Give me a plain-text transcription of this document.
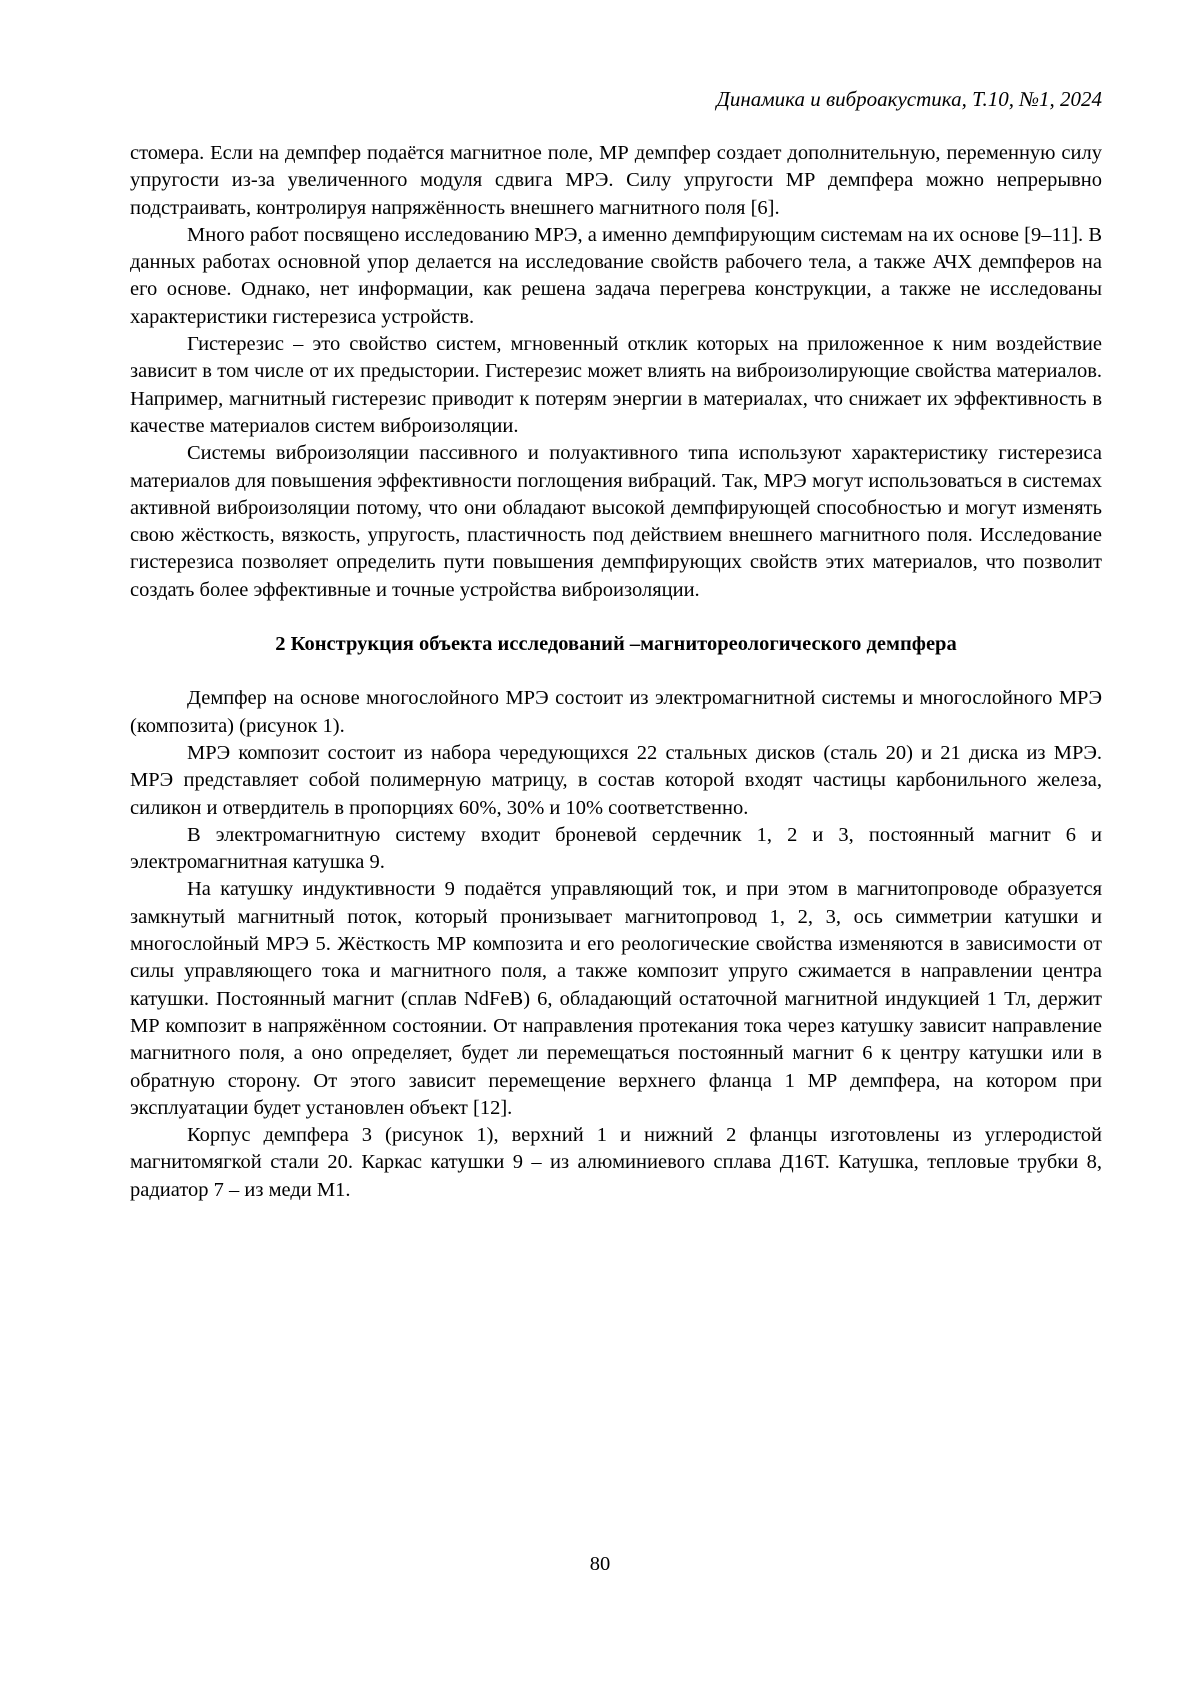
Динамика и виброакустика, Т.10, №1, 2024

стомера. Если на демпфер подаётся магнитное поле, МР демпфер создает дополнительную, переменную силу упругости из-за увеличенного модуля сдвига МРЭ. Силу упругости МР демпфера можно непрерывно подстраивать, контролируя напряжённость внешнего магнитного поля [6].

Много работ посвящено исследованию МРЭ, а именно демпфирующим системам на их основе [9–11]. В данных работах основной упор делается на исследование свойств рабочего тела, а также АЧХ демпферов на его основе. Однако, нет информации, как решена задача перегрева конструкции, а также не исследованы характеристики гистерезиса устройств.

Гистерезис – это свойство систем, мгновенный отклик которых на приложенное к ним воздействие зависит в том числе от их предыстории. Гистерезис может влиять на виброизолирующие свойства материалов. Например, магнитный гистерезис приводит к потерям энергии в материалах, что снижает их эффективность в качестве материалов систем виброизоляции.

Системы виброизоляции пассивного и полуактивного типа используют характеристику гистерезиса материалов для повышения эффективности поглощения вибраций. Так, МРЭ могут использоваться в системах активной виброизоляции потому, что они обладают высокой демпфирующей способностью и могут изменять свою жёсткость, вязкость, упругость, пластичность под действием внешнего магнитного поля. Исследование гистерезиса позволяет определить пути повышения демпфирующих свойств этих материалов, что позволит создать более эффективные и точные устройства виброизоляции.

2 Конструкция объекта исследований –магнитореологического демпфера

Демпфер на основе многослойного МРЭ состоит из электромагнитной системы и многослойного МРЭ (композита) (рисунок 1).

МРЭ композит состоит из набора чередующихся 22 стальных дисков (сталь 20) и 21 диска из МРЭ. МРЭ представляет собой полимерную матрицу, в состав которой входят частицы карбонильного железа, силикон и отвердитель в пропорциях 60%, 30% и 10% соответственно.

В электромагнитную систему входит броневой сердечник 1, 2 и 3, постоянный магнит 6 и электромагнитная катушка 9.

На катушку индуктивности 9 подаётся управляющий ток, и при этом в магнитопроводе образуется замкнутый магнитный поток, который пронизывает магнитопровод 1, 2, 3, ось симметрии катушки и многослойный МРЭ 5. Жёсткость МР композита и его реологические свойства изменяются в зависимости от силы управляющего тока и магнитного поля, а также композит упруго сжимается в направлении центра катушки. Постоянный магнит (сплав NdFeB) 6, обладающий остаточной магнитной индукцией 1 Тл, держит МР композит в напряжённом состоянии. От направления протекания тока через катушку зависит направление магнитного поля, а оно определяет, будет ли перемещаться постоянный магнит 6 к центру катушки или в обратную сторону. От этого зависит перемещение верхнего фланца 1 МР демпфера, на котором при эксплуатации будет установлен объект [12].

Корпус демпфера 3 (рисунок 1), верхний 1 и нижний 2 фланцы изготовлены из углеродистой магнитомягкой стали 20. Каркас катушки 9 – из алюминиевого сплава Д16Т. Катушка, тепловые трубки 8, радиатор 7 – из меди М1.

80
